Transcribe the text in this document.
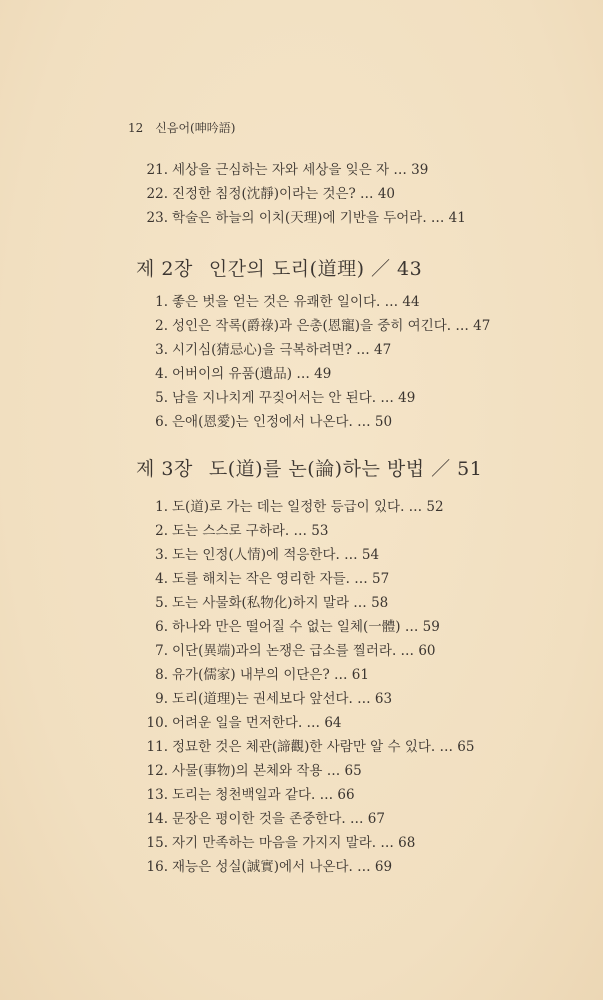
12 신음어(呻吟語)
21. 세상을 근심하는 자와 세상을 잊은 자 … 39
22. 진정한 침정(沈靜)이라는 것은? … 40
23. 학술은 하늘의 이치(天理)에 기반을 두어라. … 41
제 2장 인간의 도리(道理) ／ 43
1. 좋은 벗을 얻는 것은 유쾌한 일이다. … 44
2. 성인은 작록(爵祿)과 은총(恩寵)을 중히 여긴다. … 47
3. 시기심(猜忌心)을 극복하려면? … 47
4. 어버이의 유품(遺品) … 49
5. 남을 지나치게 꾸짖어서는 안 된다. … 49
6. 은애(恩愛)는 인정에서 나온다. … 50
제 3장 도(道)를 논(論)하는 방법 ／ 51
1. 도(道)로 가는 데는 일정한 등급이 있다. … 52
2. 도는 스스로 구하라. … 53
3. 도는 인정(人情)에 적응한다. … 54
4. 도를 해치는 작은 영리한 자들. … 57
5. 도는 사물화(私物化)하지 말라 … 58
6. 하나와 만은 떨어질 수 없는 일체(一體) … 59
7. 이단(異端)과의 논쟁은 급소를 찔러라. … 60
8. 유가(儒家) 내부의 이단은? … 61
9. 도리(道理)는 권세보다 앞선다. … 63
10. 어려운 일을 먼저한다. … 64
11. 정묘한 것은 체관(諦觀)한 사람만 알 수 있다. … 65
12. 사물(事物)의 본체와 작용 … 65
13. 도리는 청천백일과 같다. … 66
14. 문장은 평이한 것을 존중한다. … 67
15. 자기 만족하는 마음을 가지지 말라. … 68
16. 재능은 성실(誠實)에서 나온다. … 69
